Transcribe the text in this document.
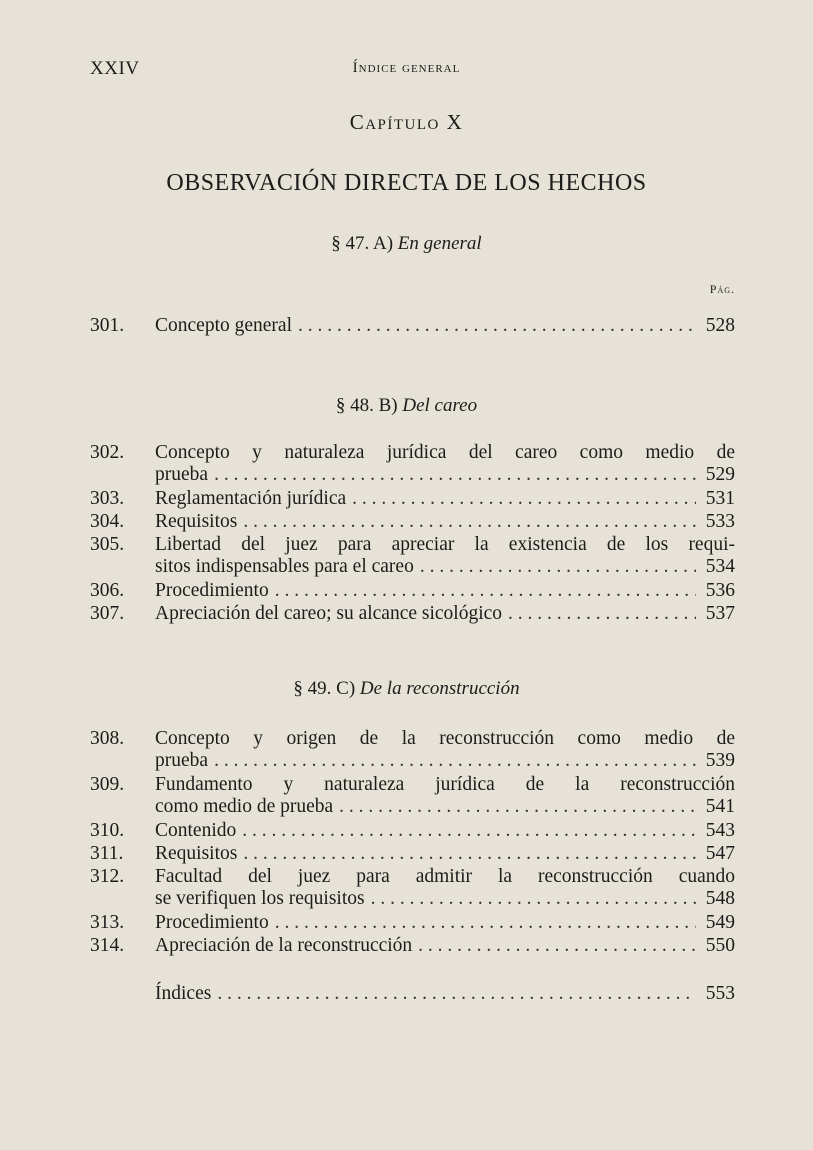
XXIV	Índice general
Capítulo X
OBSERVACIÓN DIRECTA DE LOS HECHOS
§ 47. A) En general
Pág.
301. Concepto general . . .	528
302. Concepto y naturaleza jurídica del careo como medio de
prueba . . .	529
303. Reglamentación jurídica . . .	531
304. Requisitos . . .	533
305. Libertad del juez para apreciar la existencia de los requi-
sitos indispensables para el careo . . .	534
306. Procedimiento . . .	536
307. Apreciación del careo; su alcance sicológico . . .	537
308. Concepto y origen de la reconstrucción como medio de
prueba . . .	539
309. Fundamento y naturaleza jurídica de la reconstrucción
como medio de prueba . . .	541
310. Contenido . . .	543
311. Requisitos . . .	547
312. Facultad del juez para admitir la reconstrucción cuando
se verifiquen los requisitos . . .	548
313. Procedimiento . . .	549
314. Apreciación de la reconstrucción . . .	550
§ 48. B) Del careo
§ 49. C) De la reconstrucción
Índices . . .	553
